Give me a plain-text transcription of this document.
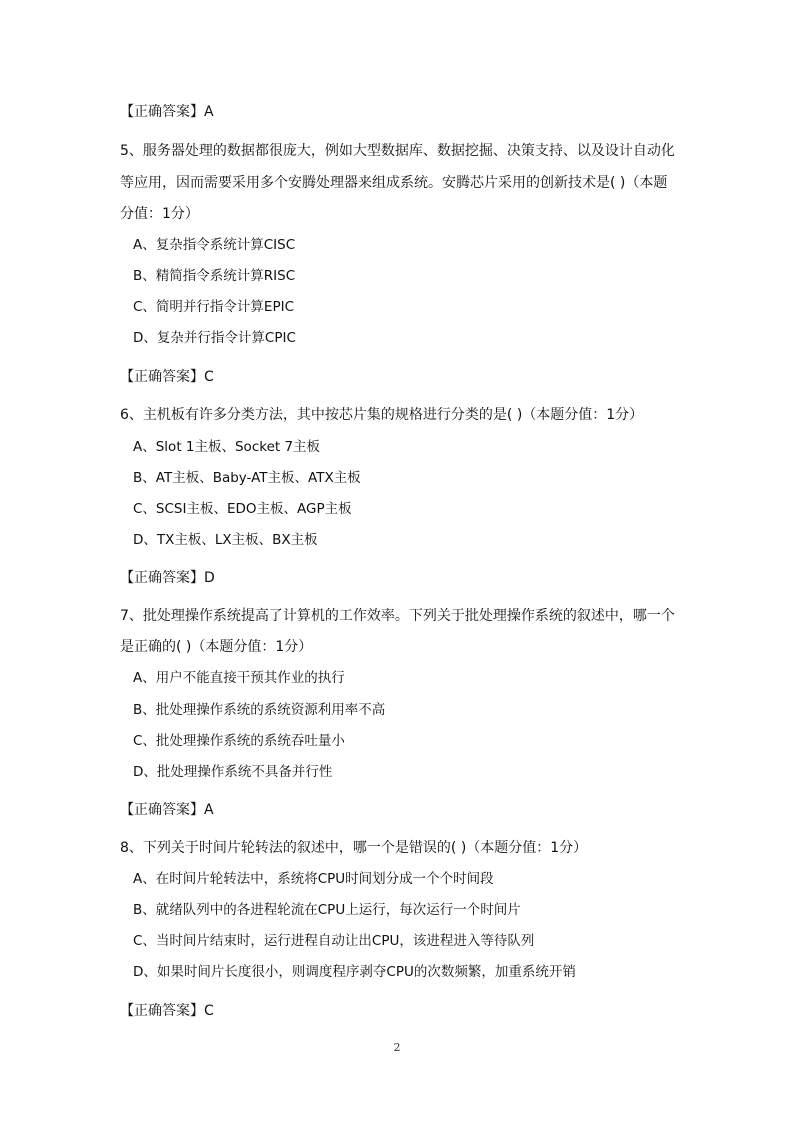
【正确答案】A
5、服务器处理的数据都很庞大，例如大型数据库、数据挖掘、决策支持、以及设计自动化
等应用，因而需要采用多个安腾处理器来组成系统。安腾芯片采用的创新技术是( )（本题
分值：1分）
A、复杂指令系统计算CISC
B、精简指令系统计算RISC
C、简明并行指令计算EPIC
D、复杂并行指令计算CPIC
【正确答案】C
6、主机板有许多分类方法，其中按芯片集的规格进行分类的是( )（本题分值：1分）
A、Slot 1主板、Socket 7主板
B、AT主板、Baby-AT主板、ATX主板
C、SCSI主板、EDO主板、AGP主板
D、TX主板、LX主板、BX主板
【正确答案】D
7、批处理操作系统提高了计算机的工作效率。下列关于批处理操作系统的叙述中，哪一个
是正确的( )（本题分值：1分）
A、用户不能直接干预其作业的执行
B、批处理操作系统的系统资源利用率不高
C、批处理操作系统的系统吞吐量小
D、批处理操作系统不具备并行性
【正确答案】A
8、下列关于时间片轮转法的叙述中，哪一个是错误的( )（本题分值：1分）
A、在时间片轮转法中，系统将CPU时间划分成一个个时间段
B、就绪队列中的各进程轮流在CPU上运行，每次运行一个时间片
C、当时间片结束时，运行进程自动让出CPU，该进程进入等待队列
D、如果时间片长度很小，则调度程序剥夺CPU的次数频繁，加重系统开销
【正确答案】C
2
